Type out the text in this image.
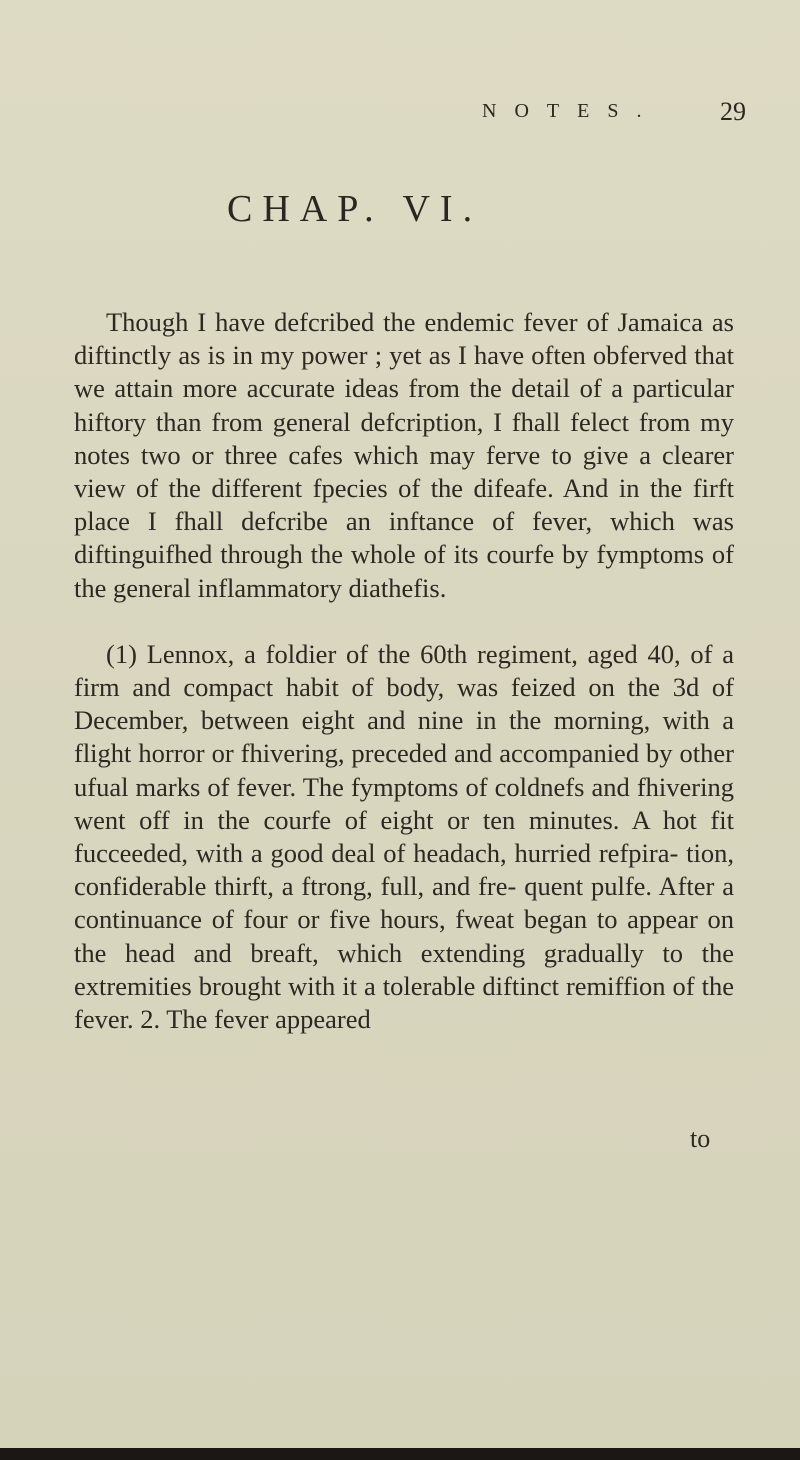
NOTES. 29
CHAP. VI.

Though I have defcribed the endemic fever of Jamaica as diftinctly as is in my power ; yet as I have often obferved that we attain more accurate ideas from the detail of a particular hiftory than from general defcription, I fhall felect from my notes two or three cafes which may ferve to give a clearer view of the different fpecies of the difeafe. And in the firft place I fhall defcribe an inftance of fever, which was diftinguifhed through the whole of its courfe by fymptoms of the general inflammatory diathefis.

(1) Lennox, a foldier of the 60th regiment, aged 40, of a firm and compact habit of body, was feized on the 3d of December, between eight and nine in the morning, with a flight horror or fhivering, preceded and accompanied by other ufual marks of fever. The fymptoms of coldnefs and fhivering went off in the courfe of eight or ten minutes. A hot fit fucceeded, with a good deal of headach, hurried refpira- tion, confiderable thirft, a ftrong, full, and fre- quent pulfe. After a continuance of four or five hours, fweat began to appear on the head and breaft, which extending gradually to the extremities brought with it a tolerable diftinct remiffion of the fever. 2. The fever appeared

to
